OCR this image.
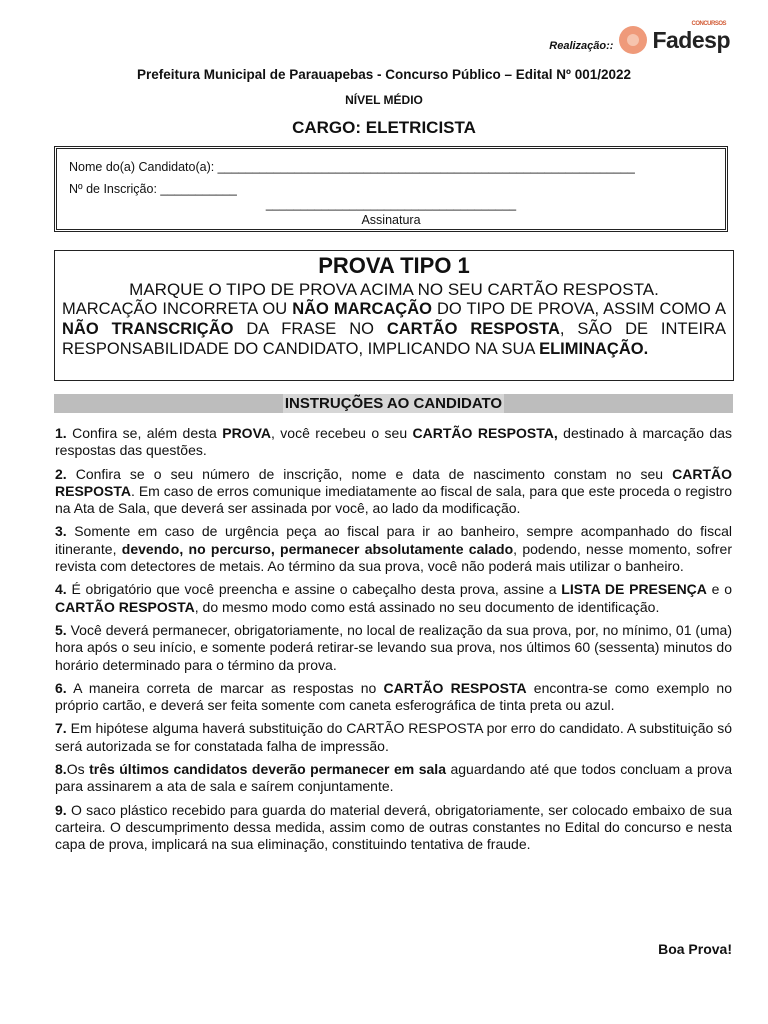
Realização:: Fadesp
CONCURSOS
Prefeitura Municipal de Parauapebas - Concurso Público – Edital Nº 001/2022
NÍVEL MÉDIO
CARGO: ELETRICISTA
Nome do(a) Candidato(a): ____________________________________________________________
Nº de Inscrição: ___________
____________________________________
Assinatura
PROVA TIPO 1
MARQUE O TIPO DE PROVA ACIMA NO SEU CARTÃO RESPOSTA.
MARCAÇÃO INCORRETA OU NÃO MARCAÇÃO DO TIPO DE PROVA, ASSIM COMO A NÃO TRANSCRIÇÃO DA FRASE NO CARTÃO RESPOSTA, SÃO DE INTEIRA RESPONSABILIDADE DO CANDIDATO, IMPLICANDO NA SUA ELIMINAÇÃO.
INSTRUÇÕES AO CANDIDATO

1. Confira se, além desta PROVA, você recebeu o seu CARTÃO RESPOSTA, destinado à marcação das respostas das questões.

2. Confira se o seu número de inscrição, nome e data de nascimento constam no seu CARTÃO RESPOSTA. Em caso de erros comunique imediatamente ao fiscal de sala, para que este proceda o registro na Ata de Sala, que deverá ser assinada por você, ao lado da modificação.

3. Somente em caso de urgência peça ao fiscal para ir ao banheiro, sempre acompanhado do fiscal itinerante, devendo, no percurso, permanecer absolutamente calado, podendo, nesse momento, sofrer revista com detectores de metais. Ao término da sua prova, você não poderá mais utilizar o banheiro.

4. É obrigatório que você preencha e assine o cabeçalho desta prova, assine a LISTA DE PRESENÇA e o CARTÃO RESPOSTA, do mesmo modo como está assinado no seu documento de identificação.

5. Você deverá permanecer, obrigatoriamente, no local de realização da sua prova, por, no mínimo, 01 (uma) hora após o seu início, e somente poderá retirar-se levando sua prova, nos últimos 60 (sessenta) minutos do horário determinado para o término da prova.

6. A maneira correta de marcar as respostas no CARTÃO RESPOSTA encontra-se como exemplo no próprio cartão, e deverá ser feita somente com caneta esferográfica de tinta preta ou azul.

7. Em hipótese alguma haverá substituição do CARTÃO RESPOSTA por erro do candidato. A substituição só será autorizada se for constatada falha de impressão.

8.Os três últimos candidatos deverão permanecer em sala aguardando até que todos concluam a prova para assinarem a ata de sala e saírem conjuntamente.

9. O saco plástico recebido para guarda do material deverá, obrigatoriamente, ser colocado embaixo de sua carteira. O descumprimento dessa medida, assim como de outras constantes no Edital do concurso e nesta capa de prova, implicará na sua eliminação, constituindo tentativa de fraude.

Boa Prova!
